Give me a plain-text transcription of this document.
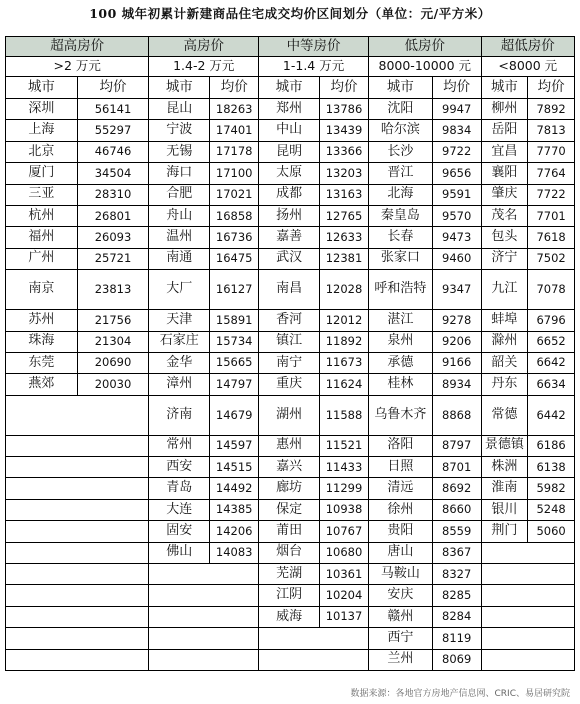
100 城年初累计新建商品住宅成交均价区间划分（单位：元/平方米）
超高房价		高房价		中等房价		低房价		超低房价	
>2 万元		1.4-2 万元		1-1.4 万元		8000-10000 元		<8000 元	
城市	均价	城市	均价	城市	均价	城市	均价	城市	均价
深圳	56141	昆山	18263	郑州	13786	沈阳	9947	柳州	7892
上海	55297	宁波	17401	中山	13439	哈尔滨	9834	岳阳	7813
北京	46746	无锡	17178	昆明	13366	长沙	9722	宜昌	7770
厦门	34504	海口	17100	太原	13203	晋江	9656	襄阳	7764
三亚	28310	合肥	17021	成都	13163	北海	9591	肇庆	7722
杭州	26801	舟山	16858	扬州	12765	秦皇岛	9570	茂名	7701
福州	26093	温州	16736	嘉善	12633	长春	9473	包头	7618
广州	25721	南通	16475	武汉	12381	张家口	9460	济宁	7502
南京	23813	大厂	16127	南昌	12028	呼和浩特	9347	九江	7078
苏州	21756	天津	15891	香河	12012	湛江	9278	蚌埠	6796
珠海	21304	石家庄	15734	镇江	11892	泉州	9206	滁州	6652
东莞	20690	金华	15665	南宁	11673	承德	9166	韶关	6642
燕郊	20030	漳州	14797	重庆	11624	桂林	8934	丹东	6634
		济南	14679	湖州	11588	乌鲁木齐	8868	常德	6442
		常州	14597	惠州	11521	洛阳	8797	景德镇	6186
		西安	14515	嘉兴	11433	日照	8701	株洲	6138
		青岛	14492	廊坊	11299	清远	8692	淮南	5982
		大连	14385	保定	10938	徐州	8660	银川	5248
		固安	14206	莆田	10767	贵阳	8559	荆门	5060
		佛山	14083	烟台	10680	唐山	8367		
				芜湖	10361	马鞍山	8327		
				江阴	10204	安庆	8285		
				威海	10137	赣州	8284		
						西宁	8119		
						兰州	8069		
数据来源：各地官方房地产信息网、CRIC、易居研究院
